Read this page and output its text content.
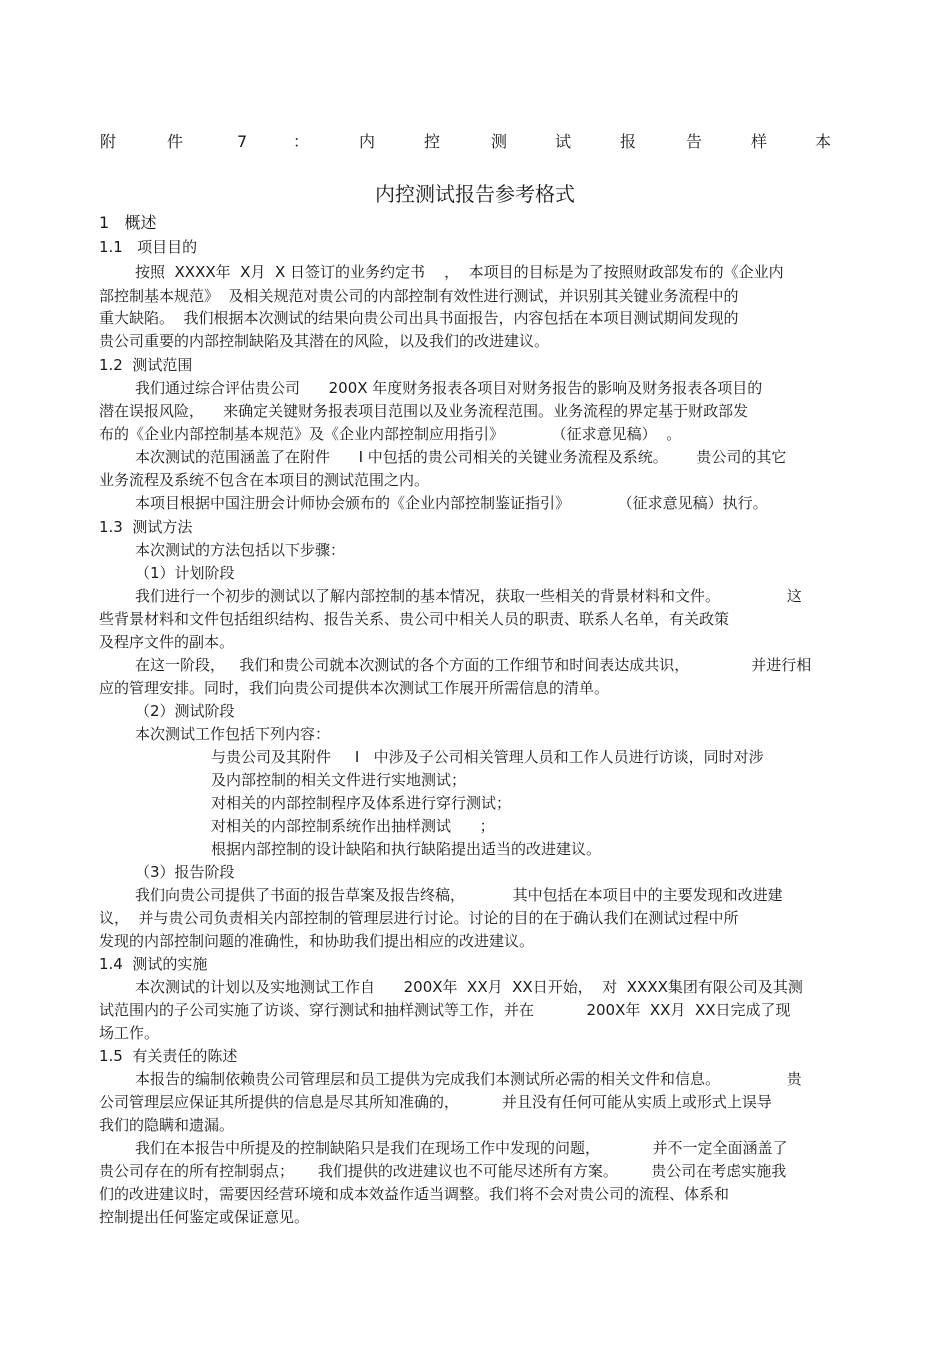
附	件	7	：	内	控	测	试	报	告	样	本
内控测试报告参考格式
1   概述
1.1   项目目的
按照  XXXX年  X月  X 日签订的业务约定书    ，  本项目的目标是为了按照财政部发布的《企业内
部控制基本规范》  及相关规范对贵公司的内部控制有效性进行测试，并识别其关键业务流程中的
重大缺陷。  我们根据本次测试的结果向贵公司出具书面报告，内容包括在本项目测试期间发现的
贵公司重要的内部控制缺陷及其潜在的风险，以及我们的改进建议。
1.2  测试范围
我们通过综合评估贵公司      200X 年度财务报表各项目对财务报告的影响及财务报表各项目的
潜在误报风险，    来确定关键财务报表项目范围以及业务流程范围。业务流程的界定基于财政部发
布的《企业内部控制基本规范》及《企业内部控制应用指引》          （征求意见稿）  。
本次测试的范围涵盖了在附件      I 中包括的贵公司相关的关键业务流程及系统。      贵公司的其它
业务流程及系统不包含在本项目的测试范围之内。
本项目根据中国注册会计师协会颁布的《企业内部控制鉴证指引》          （征求意见稿）执行。
1.3  测试方法
本次测试的方法包括以下步骤：
（1）计划阶段
我们进行一个初步的测试以了解内部控制的基本情况，获取一些相关的背景材料和文件。              这
些背景材料和文件包括组织结构、报告关系、贵公司中相关人员的职责、联系人名单，有关政策
及程序文件的副本。
在这一阶段，   我们和贵公司就本次测试的各个方面的工作细节和时间表达成共识，             并进行相
应的管理安排。同时，我们向贵公司提供本次测试工作展开所需信息的清单。
（2）测试阶段
本次测试工作包括下列内容：
与贵公司及其附件     I   中涉及子公司相关管理人员和工作人员进行访谈，同时对涉
及内部控制的相关文件进行实地测试；
对相关的内部控制程序及体系进行穿行测试；
对相关的内部控制系统作出抽样测试      ；
根据内部控制的设计缺陷和执行缺陷提出适当的改进建议。
（3）报告阶段
我们向贵公司提供了书面的报告草案及报告终稿，          其中包括在本项目中的主要发现和改进建
议，  并与贵公司负责相关内部控制的管理层进行讨论。讨论的目的在于确认我们在测试过程中所
发现的内部控制问题的准确性，和协助我们提出相应的改进建议。
1.4  测试的实施
本次测试的计划以及实地测试工作自      200X年  XX月  XX日开始，  对  XXXX集团有限公司及其测
试范围内的子公司实施了访谈、穿行测试和抽样测试等工作，并在           200X年  XX月  XX日完成了现
场工作。
1.5  有关责任的陈述
本报告的编制依赖贵公司管理层和员工提供为完成我们本测试所必需的相关文件和信息。              贵
公司管理层应保证其所提供的信息是尽其所知准确的，         并且没有任何可能从实质上或形式上误导
我们的隐瞒和遗漏。
我们在本报告中所提及的控制缺陷只是我们在现场工作中发现的问题，           并不一定全面涵盖了
贵公司存在的所有控制弱点；     我们提供的改进建议也不可能尽述所有方案。       贵公司在考虑实施我
们的改进建议时，需要因经营环境和成本效益作适当调整。我们将不会对贵公司的流程、体系和
控制提出任何鉴定或保证意见。
